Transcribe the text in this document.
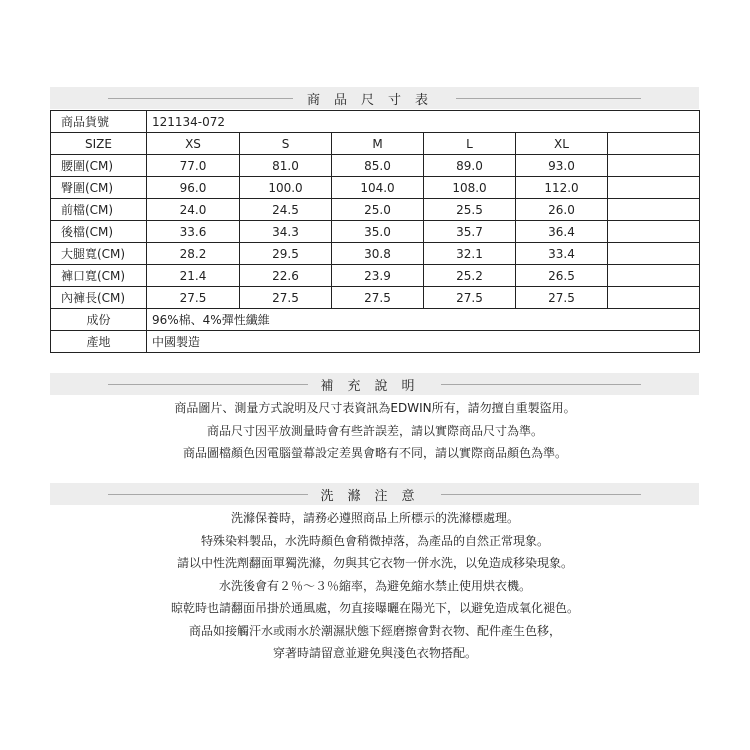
商品尺寸表
商品貨號	121134-072					
SIZE	XS	S	M	L	XL	
腰圍(CM)	77.0	81.0	85.0	89.0	93.0	
臀圍(CM)	96.0	100.0	104.0	108.0	112.0	
前檔(CM)	24.0	24.5	25.0	25.5	26.0	
後檔(CM)	33.6	34.3	35.0	35.7	36.4	
大腿寬(CM)	28.2	29.5	30.8	32.1	33.4	
褲口寬(CM)	21.4	22.6	23.9	25.2	26.5	
內褲長(CM)	27.5	27.5	27.5	27.5	27.5	
成份	96%棉、4%彈性纖維					
產地	中國製造					
補充說明
商品圖片、測量方式說明及尺寸表資訊為EDWIN所有，請勿擅自重製盜用。
商品尺寸因平放測量時會有些許誤差，請以實際商品尺寸為準。
商品圖檔顏色因電腦螢幕設定差異會略有不同，請以實際商品顏色為準。
洗滌注意
洗滌保養時，請務必遵照商品上所標示的洗滌標處理。
特殊染料製品，水洗時顏色會稍微掉落，為產品的自然正常現象。
請以中性洗劑翻面單獨洗滌，勿與其它衣物一併水洗，以免造成移染現象。
水洗後會有２％～３％縮率，為避免縮水禁止使用烘衣機。
晾乾時也請翻面吊掛於通風處，勿直接曝曬在陽光下，以避免造成氧化褪色。
商品如接觸汗水或雨水於潮濕狀態下經磨擦會對衣物、配件產生色移，
穿著時請留意並避免與淺色衣物搭配。
